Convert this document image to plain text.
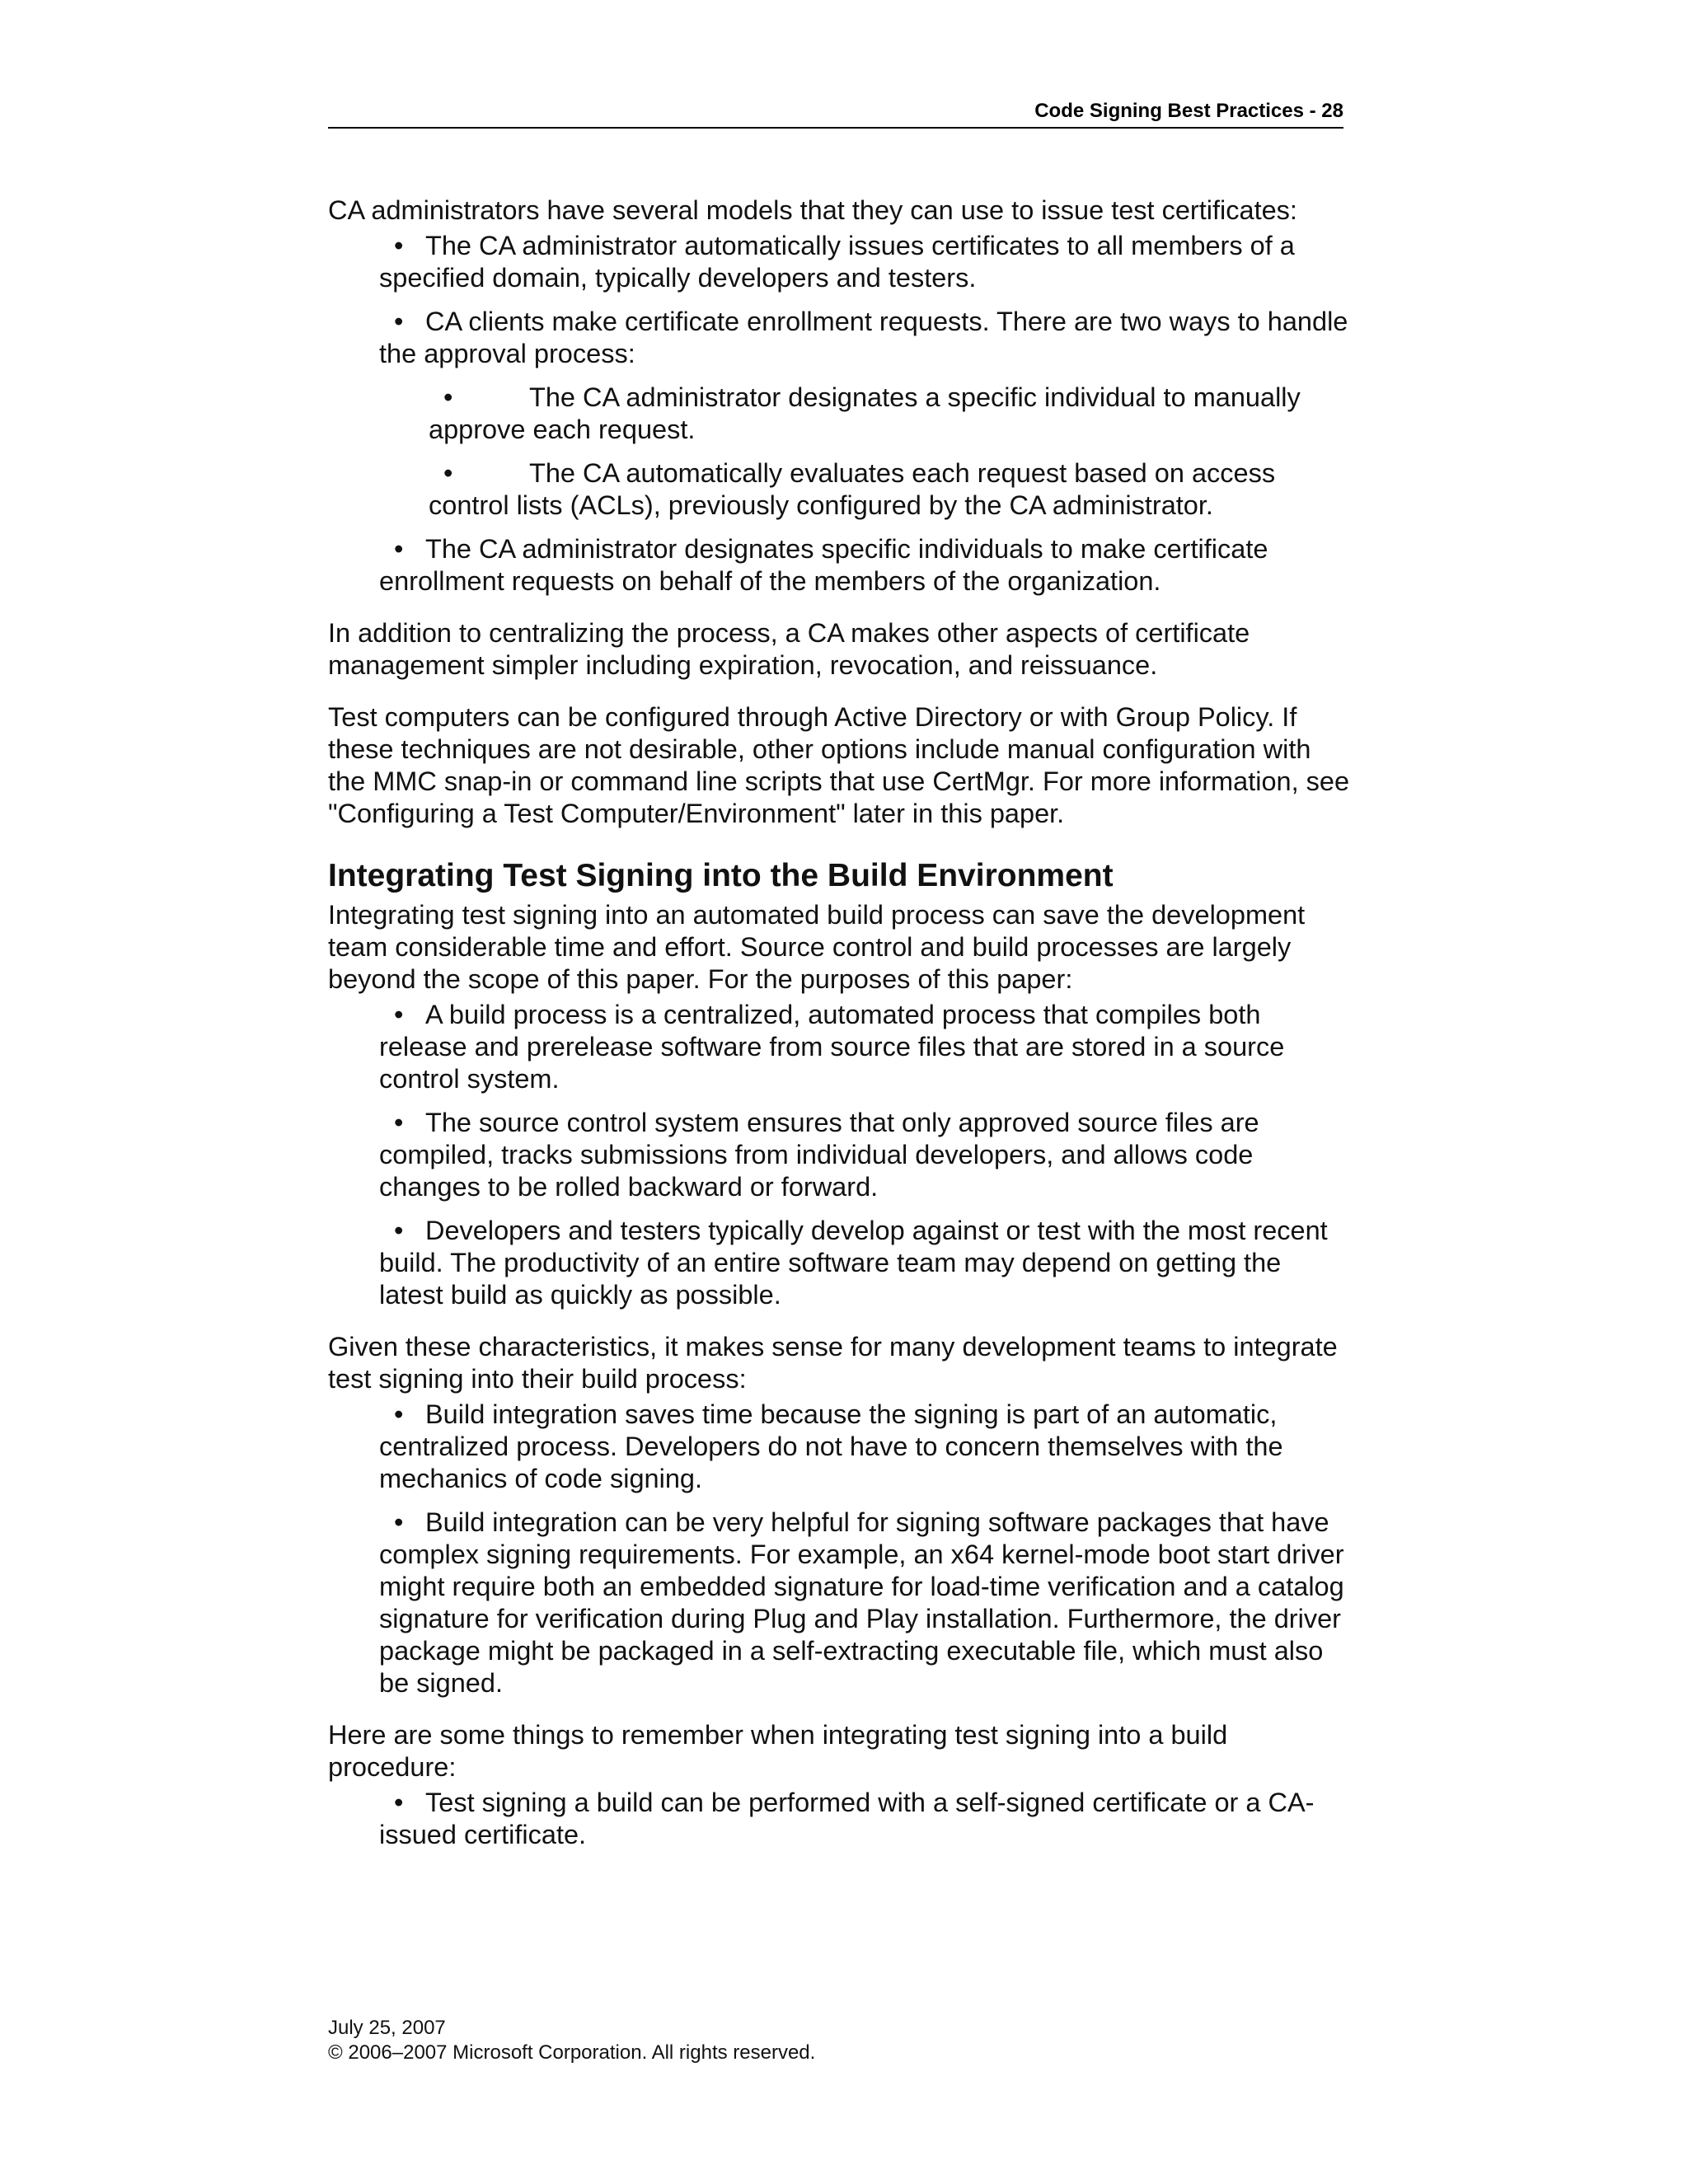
Code Signing Best Practices - 28

CA administrators have several models that they can use to issue test certificates:

• The CA administrator automatically issues certificates to all members of a specified domain, typically developers and testers.
• CA clients make certificate enrollment requests. There are two ways to handle the approval process:
•	The CA administrator designates a specific individual to manually approve each request.
•	The CA automatically evaluates each request based on access control lists (ACLs), previously configured by the CA administrator.
• The CA administrator designates specific individuals to make certificate enrollment requests on behalf of the members of the organization.

In addition to centralizing the process, a CA makes other aspects of certificate management simpler including expiration, revocation, and reissuance.

Test computers can be configured through Active Directory or with Group Policy. If these techniques are not desirable, other options include manual configuration with the MMC snap-in or command line scripts that use CertMgr. For more information, see "Configuring a Test Computer/Environment" later in this paper.

Integrating Test Signing into the Build Environment

Integrating test signing into an automated build process can save the development team considerable time and effort. Source control and build processes are largely beyond the scope of this paper. For the purposes of this paper:

• A build process is a centralized, automated process that compiles both release and prerelease software from source files that are stored in a source control system.
• The source control system ensures that only approved source files are compiled, tracks submissions from individual developers, and allows code changes to be rolled backward or forward.
• Developers and testers typically develop against or test with the most recent build. The productivity of an entire software team may depend on getting the latest build as quickly as possible.

Given these characteristics, it makes sense for many development teams to integrate test signing into their build process:

• Build integration saves time because the signing is part of an automatic, centralized process. Developers do not have to concern themselves with the mechanics of code signing.
• Build integration can be very helpful for signing software packages that have complex signing requirements. For example, an x64 kernel-mode boot start driver might require both an embedded signature for load-time verification and a catalog signature for verification during Plug and Play installation. Furthermore, the driver package might be packaged in a self-extracting executable file, which must also be signed.

Here are some things to remember when integrating test signing into a build procedure:

• Test signing a build can be performed with a self-signed certificate or a CA-issued certificate.
July 25, 2007
© 2006–2007 Microsoft Corporation. All rights reserved.
